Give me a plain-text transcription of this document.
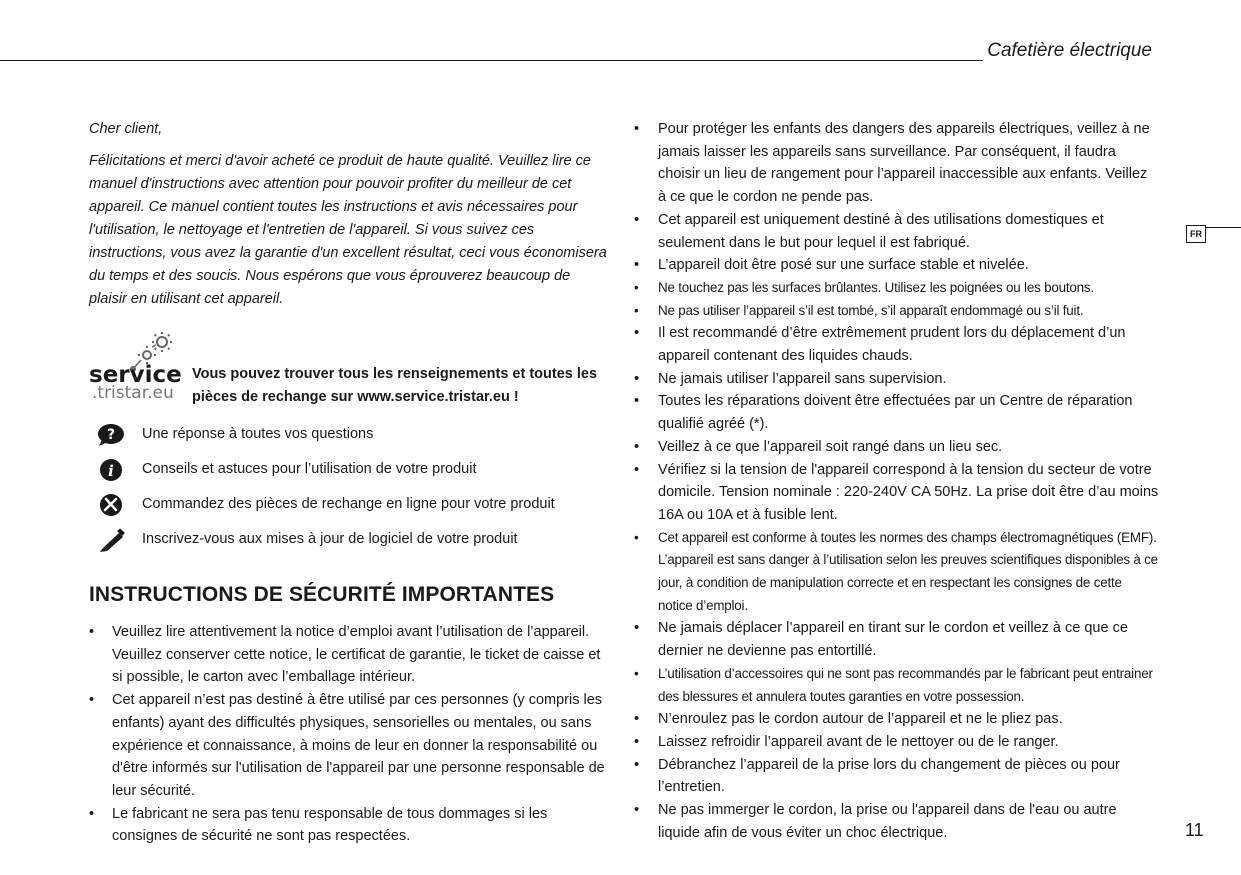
Cafetière électrique
FR

Cher client,

Félicitations et merci d'avoir acheté ce produit de haute qualité. Veuillez lire ce manuel d'instructions avec attention pour pouvoir profiter du meilleur de cet appareil. Ce manuel contient toutes les instructions et avis nécessaires pour l'utilisation, le nettoyage et l'entretien de l'appareil. Si vous suivez ces instructions, vous avez la garantie d'un excellent résultat, ceci vous économisera du temps et des soucis. Nous espérons que vous éprouverez beaucoup de plaisir en utilisant cet appareil.

service
.tristar.eu
Vous pouvez trouver tous les renseignements et toutes les pièces de rechange sur www.service.tristar.eu !
? Une réponse à toutes vos questions
i Conseils et astuces pour l’utilisation de votre produit
Commandez des pièces de rechange en ligne pour votre produit
Inscrivez-vous aux mises à jour de logiciel de votre produit
INSTRUCTIONS DE SÉCURITÉ IMPORTANTES
• Veuillez lire attentivement la notice d’emploi avant l’utilisation de l’appareil. Veuillez conserver cette notice, le certificat de garantie, le ticket de caisse et si possible, le carton avec l’emballage intérieur.
• Cet appareil n’est pas destiné à être utilisé par ces personnes (y compris les enfants) ayant des difficultés physiques, sensorielles ou mentales, ou sans expérience et connaissance, à moins de leur en donner la responsabilité ou d'être informés sur l'utilisation de l'appareil par une personne responsable de leur sécurité.
• Le fabricant ne sera pas tenu responsable de tous dommages si les consignes de sécurité ne sont pas respectées.
• Pour protéger les enfants des dangers des appareils électriques, veillez à ne jamais laisser les appareils sans surveillance. Par conséquent, il faudra choisir un lieu de rangement pour l’appareil inaccessible aux enfants. Veillez à ce que le cordon ne pende pas.
• Cet appareil est uniquement destiné à des utilisations domestiques et seulement dans le but pour lequel il est fabriqué.
• L’appareil doit être posé sur une surface stable et nivelée.
• Ne touchez pas les surfaces brûlantes. Utilisez les poignées ou les boutons.
• Ne pas utiliser l’appareil s’il est tombé, s’il apparaît endommagé ou s’il fuit.
• Il est recommandé d’être extrêmement prudent lors du déplacement d’un appareil contenant des liquides chauds.
• Ne jamais utiliser l’appareil sans supervision.
• Toutes les réparations doivent être effectuées par un Centre de réparation qualifié agréé (*).
• Veillez à ce que l’appareil soit rangé dans un lieu sec.
• Vérifiez si la tension de l'appareil correspond à la tension du secteur de votre domicile. Tension nominale : 220-240V CA 50Hz. La prise doit être d’au moins 16A ou 10A et à fusible lent.
• Cet appareil est conforme à toutes les normes des champs électromagnétiques (EMF). L’appareil est sans danger à l’utilisation selon les preuves scientifiques disponibles à ce jour, à condition de manipulation correcte et en respectant les consignes de cette notice d’emploi.
• Ne jamais déplacer l’appareil en tirant sur le cordon et veillez à ce que ce dernier ne devienne pas entortillé.
• L’utilisation d’accessoires qui ne sont pas recommandés par le fabricant peut entrainer des blessures et annulera toutes garanties en votre possession.
• N’enroulez pas le cordon autour de l’appareil et ne le pliez pas.
• Laissez refroidir l’appareil avant de le nettoyer ou de le ranger.
• Débranchez l’appareil de la prise lors du changement de pièces ou pour l’entretien.
• Ne pas immerger le cordon, la prise ou l'appareil dans de l'eau ou autre liquide afin de vous éviter un choc électrique.	11
